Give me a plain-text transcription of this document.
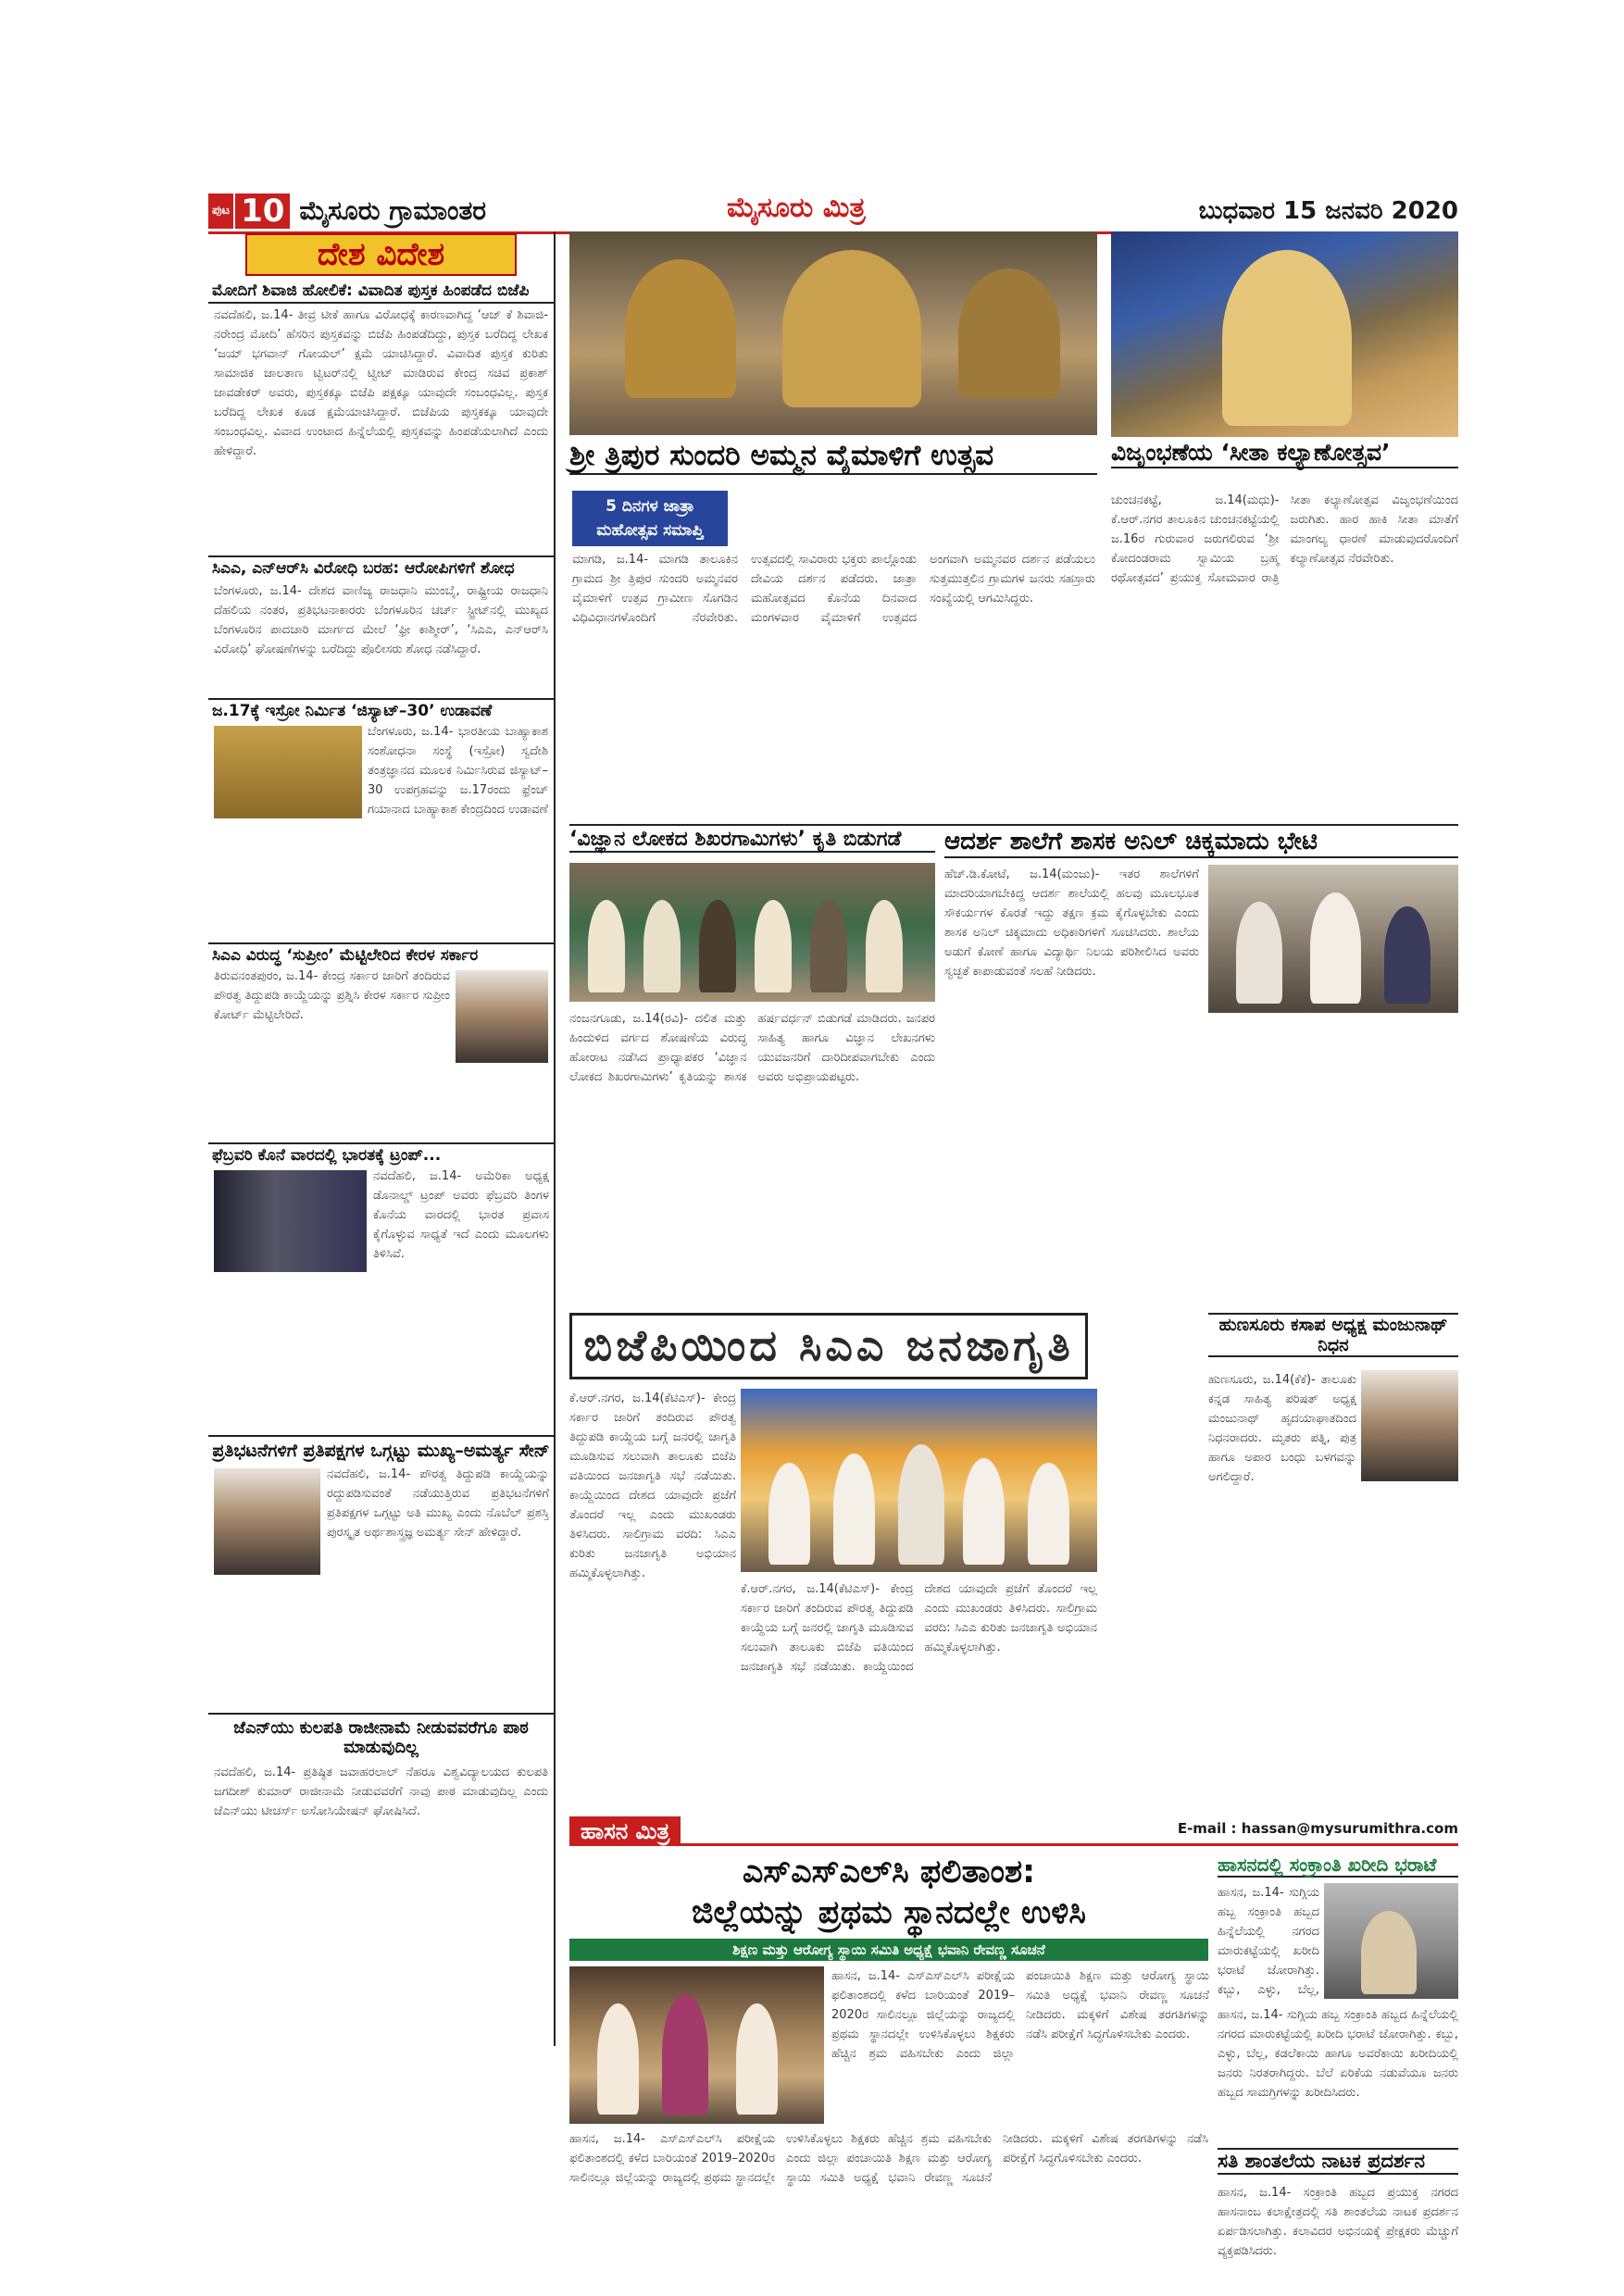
ಪುಟ 10 ಮೈಸೂರು ಗ್ರಾಮಾಂತರ	ಮೈಸೂರು ಮಿತ್ರ	ಬುಧವಾರ 15 ಜನವರಿ 2020
ದೇಶ ವಿದೇಶ
ಮೋದಿಗೆ ಶಿವಾಜಿ ಹೋಲಿಕೆ: ವಿವಾದಿತ ಪುಸ್ತಕ ಹಿಂಪಡೆದ ಬಿಜೆಪಿ
ನವದೆಹಲಿ, ಜ.14- ತೀವ್ರ ಟೀಕೆ ಹಾಗೂ ವಿರೋಧಕ್ಕೆ ಕಾರಣವಾಗಿದ್ದ ‘ಆಜ್ ಕೆ ಶಿವಾಜಿ- ನರೇಂದ್ರ ಮೋದಿ’ ಹೆಸರಿನ ಪುಸ್ತಕವನ್ನು ಬಿಜೆಪಿ ಹಿಂಪಡೆದಿದ್ದು, ಪುಸ್ತಕ ಬರೆದಿದ್ದ ಲೇಖಕ ‘ಜಯ್ ಭಗವಾನ್ ಗೋಯಲ್’ ಕ್ಷಮೆ ಯಾಚಿಸಿದ್ದಾರೆ. ವಿವಾದಿತ ಪುಸ್ತಕ ಕುರಿತು ಸಾಮಾಜಿಕ ಜಾಲತಾಣ ಟ್ವಿಟರ್‌ನಲ್ಲಿ ಟ್ವೀಟ್ ಮಾಡಿರುವ ಕೇಂದ್ರ ಸಚಿವ ಪ್ರಕಾಶ್ ಜಾವಡೇಕರ್ ಅವರು, ಪುಸ್ತಕಕ್ಕೂ ಬಿಜೆಪಿ ಪಕ್ಷಕ್ಕೂ ಯಾವುದೇ ಸಂಬಂಧವಿಲ್ಲ. ಪುಸ್ತಕ ಬರೆದಿದ್ದ ಲೇಖಕ ಕೂಡ ಕ್ಷಮೆಯಾಚಿಸಿದ್ದಾರೆ. ಬಿಜೆಪಿಯ ಪುಸ್ತಕಕ್ಕೂ ಯಾವುದೇ ಸಂಬಂಧವಿಲ್ಲ. ವಿವಾದ ಉಂಟಾದ ಹಿನ್ನೆಲೆಯಲ್ಲಿ ಪುಸ್ತಕವನ್ನು ಹಿಂಪಡೆಯಲಾಗಿದೆ ಎಂದು ಹೇಳಿದ್ದಾರೆ.
ಸಿಎಎ, ಎನ್‌ಆರ್‌ಸಿ ವಿರೋಧಿ ಬರಹ: ಆರೋಪಿಗಳಿಗೆ ಶೋಧ
ಬೆಂಗಳೂರು, ಜ.14- ದೇಶದ ವಾಣಿಜ್ಯ ರಾಜಧಾನಿ ಮುಂಬೈ, ರಾಷ್ಟ್ರೀಯ ರಾಜಧಾನಿ ದೆಹಲಿಯ ನಂತರ, ಪ್ರತಿಭಟನಾಕಾರರು ಬೆಂಗಳೂರಿನ ಚರ್ಚ್ ಸ್ಟ್ರೀಟ್‌ನಲ್ಲಿ ಮುಖ್ಯದ ಬೆಂಗಳೂರಿನ ಪಾದಚಾರಿ ಮಾರ್ಗದ ಮೇಲೆ ‘ಫ್ರೀ ಕಾಶ್ಮೀರ್’, ‘ಸಿಎಎ, ಎನ್‌ಆರ್‌ಸಿ ವಿರೋಧಿ’ ಘೋಷಣೆಗಳನ್ನು ಬರೆದಿದ್ದು ಪೊಲೀಸರು ಶೋಧ ನಡೆಸಿದ್ದಾರೆ.
ಜ.17ಕ್ಕೆ ಇಸ್ರೋ ನಿರ್ಮಿತ ‘ಜಿಸ್ಯಾಟ್–30’ ಉಡಾವಣೆ
ಬೆಂಗಳೂರು, ಜ.14- ಭಾರತೀಯ ಬಾಹ್ಯಾಕಾಶ ಸಂಶೋಧನಾ ಸಂಸ್ಥೆ (ಇಸ್ರೋ) ಸ್ವದೇಶಿ ತಂತ್ರಜ್ಞಾನದ ಮೂಲಕ ನಿರ್ಮಿಸಿರುವ ಜಿಸ್ಯಾಟ್–30 ಉಪಗ್ರಹವನ್ನು ಜ.17ರಂದು ಫ್ರೆಂಚ್ ಗಯಾನಾದ ಬಾಹ್ಯಾಕಾಶ ಕೇಂದ್ರದಿಂದ ಉಡಾವಣೆ
ಸಿಎಎ ವಿರುದ್ಧ ‘ಸುಪ್ರೀಂ’ ಮೆಟ್ಟಿಲೇರಿದ ಕೇರಳ ಸರ್ಕಾರ
ತಿರುವನಂತಪುರಂ, ಜ.14- ಕೇಂದ್ರ ಸರ್ಕಾರ ಜಾರಿಗೆ ತಂದಿರುವ ಪೌರತ್ವ ತಿದ್ದುಪಡಿ ಕಾಯ್ದೆಯನ್ನು ಪ್ರಶ್ನಿಸಿ ಕೇರಳ ಸರ್ಕಾರ ಸುಪ್ರೀಂ ಕೋರ್ಟ್ ಮೆಟ್ಟಿಲೇರಿದೆ.
ಫೆಬ್ರವರಿ ಕೊನೆ ವಾರದಲ್ಲಿ ಭಾರತಕ್ಕೆ ಟ್ರಂಪ್...
ನವದೆಹಲಿ, ಜ.14- ಅಮೆರಿಕಾ ಅಧ್ಯಕ್ಷ ಡೊನಾಲ್ಡ್ ಟ್ರಂಪ್ ಅವರು ಫೆಬ್ರವರಿ ತಿಂಗಳ ಕೊನೆಯ ವಾರದಲ್ಲಿ ಭಾರತ ಪ್ರವಾಸ ಕೈಗೊಳ್ಳುವ ಸಾಧ್ಯತೆ ಇದೆ ಎಂದು ಮೂಲಗಳು ತಿಳಿಸಿವೆ.
ಪ್ರತಿಭಟನೆಗಳಿಗೆ ಪ್ರತಿಪಕ್ಷಗಳ ಒಗ್ಗಟ್ಟು ಮುಖ್ಯ–ಅಮರ್ತ್ಯ ಸೇನ್
ನವದೆಹಲಿ, ಜ.14- ಪೌರತ್ವ ತಿದ್ದುಪಡಿ ಕಾಯ್ದೆಯನ್ನು ರದ್ದುಪಡಿಸುವಂತೆ ನಡೆಯುತ್ತಿರುವ ಪ್ರತಿಭಟನೆಗಳಿಗೆ ಪ್ರತಿಪಕ್ಷಗಳ ಒಗ್ಗಟ್ಟು ಅತಿ ಮುಖ್ಯ ಎಂದು ನೊಬೆಲ್ ಪ್ರಶಸ್ತಿ ಪುರಸ್ಕೃತ ಅರ್ಥಶಾಸ್ತ್ರಜ್ಞ ಅಮರ್ತ್ಯ ಸೇನ್ ಹೇಳಿದ್ದಾರೆ.
ಜೆಎನ್‌ಯು ಕುಲಪತಿ ರಾಜೀನಾಮೆ ನೀಡುವವರೆಗೂ ಪಾಠ ಮಾಡುವುದಿಲ್ಲ
ನವದೆಹಲಿ, ಜ.14- ಪ್ರತಿಷ್ಠಿತ ಜವಾಹರಲಾಲ್ ನೆಹರೂ ವಿಶ್ವವಿದ್ಯಾಲಯದ ಕುಲಪತಿ ಜಗದೀಶ್ ಕುಮಾರ್ ರಾಜೀನಾಮೆ ನೀಡುವವರೆಗೆ ನಾವು ಪಾಠ ಮಾಡುವುದಿಲ್ಲ ಎಂದು ಜೆಎನ್‌ಯು ಟೀಚರ್ಸ್ ಅಸೋಸಿಯೇಷನ್ ಘೋಷಿಸಿದೆ.
ಶ್ರೀ ತ್ರಿಪುರ ಸುಂದರಿ ಅಮ್ಮನ ವೈಮಾಳಿಗೆ ಉತ್ಸವ	ವಿಜೃಂಭಣೆಯ ‘ಸೀತಾ ಕಲ್ಯಾಣೋತ್ಸವ’
5 ದಿನಗಳ ಜಾತ್ರಾ ಮಹೋತ್ಸವ ಸಮಾಪ್ತಿ
ಮಾಗಡಿ, ಜ.14- ಮಾಗಡಿ ತಾಲೂಕಿನ ಗ್ರಾಮದ ಶ್ರೀ ತ್ರಿಪುರ ಸುಂದರಿ ಅಮ್ಮನವರ ವೈಮಾಳಿಗೆ ಉತ್ಸವ ಗ್ರಾಮೀಣ ಸೊಗಡಿನ ವಿಧಿವಿಧಾನಗಳೊಂದಿಗೆ ನೆರವೇರಿತು. ಉತ್ಸವದಲ್ಲಿ ಸಾವಿರಾರು ಭಕ್ತರು ಪಾಲ್ಗೊಂಡು ದೇವಿಯ ದರ್ಶನ ಪಡೆದರು. ಜಾತ್ರಾ ಮಹೋತ್ಸವದ ಕೊನೆಯ ದಿನವಾದ ಮಂಗಳವಾರ ವೈಮಾಳಿಗೆ ಉತ್ಸವದ ಅಂಗವಾಗಿ ಅಮ್ಮನವರ ದರ್ಶನ ಪಡೆಯಲು ಸುತ್ತಮುತ್ತಲಿನ ಗ್ರಾಮಗಳ ಜನರು ಸಹಸ್ರಾರು ಸಂಖ್ಯೆಯಲ್ಲಿ ಆಗಮಿಸಿದ್ದರು.
ಚುಂಚನಕಟ್ಟೆ, ಜ.14(ಮಧು)- ಕೆ.ಆರ್.ನಗರ ತಾಲೂಕಿನ ಚುಂಚನಕಟ್ಟೆಯಲ್ಲಿ ಜ.16ರ ಗುರುವಾರ ಜರುಗಲಿರುವ ‘ಶ್ರೀ ಕೋದಂಡರಾಮ ಸ್ವಾಮಿಯ ಬ್ರಹ್ಮ ರಥೋತ್ಸವದ’ ಪ್ರಯುಕ್ತ ಸೋಮವಾರ ರಾತ್ರಿ ಸೀತಾ ಕಲ್ಯಾಣೋತ್ಸವ ವಿಜೃಂಭಣೆಯಿಂದ ಜರುಗಿತು. ಹಾರ ಹಾಕಿ ಸೀತಾ ಮಾತೆಗೆ ಮಾಂಗಲ್ಯ ಧಾರಣೆ ಮಾಡುವುದರೊಂದಿಗೆ ಕಲ್ಯಾಣೋತ್ಸವ ನೆರವೇರಿತು.
‘ವಿಜ್ಞಾನ ಲೋಕದ ಶಿಖರಗಾಮಿಗಳು’ ಕೃತಿ ಬಿಡುಗಡೆ
ನಂಜನಗೂಡು, ಜ.14(ರವಿ)- ದಲಿತ ಮತ್ತು ಹಿಂದುಳಿದ ವರ್ಗದ ಶೋಷಣೆಯ ವಿರುದ್ಧ ಹೋರಾಟ ನಡೆಸಿದ ಪ್ರಾಧ್ಯಾಪಕರ ‘ವಿಜ್ಞಾನ ಲೋಕದ ಶಿಖರಗಾಮಿಗಳು’ ಕೃತಿಯನ್ನು ಶಾಸಕ ಹರ್ಷವರ್ಧನ್ ಬಿಡುಗಡೆ ಮಾಡಿದರು. ಜನಪರ ಸಾಹಿತ್ಯ ಹಾಗೂ ವಿಜ್ಞಾನ ಲೇಖನಗಳು ಯುವಜನರಿಗೆ ದಾರಿದೀಪವಾಗಬೇಕು ಎಂದು ಅವರು ಅಭಿಪ್ರಾಯಪಟ್ಟರು.
ಆದರ್ಶ ಶಾಲೆಗೆ ಶಾಸಕ ಅನಿಲ್ ಚಿಕ್ಕಮಾದು ಭೇಟಿ
ಹೆಚ್.ಡಿ.ಕೋಟೆ, ಜ.14(ಮಂಜು)- ಇತರ ಶಾಲೆಗಳಿಗೆ ಮಾದರಿಯಾಗಬೇಕಿದ್ದ ಆದರ್ಶ ಶಾಲೆಯಲ್ಲಿ ಹಲವು ಮೂಲಭೂತ ಸೌಕರ್ಯಗಳ ಕೊರತೆ ಇದ್ದು ತಕ್ಷಣ ಕ್ರಮ ಕೈಗೊಳ್ಳಬೇಕು ಎಂದು ಶಾಸಕ ಅನಿಲ್ ಚಿಕ್ಕಮಾದು ಅಧಿಕಾರಿಗಳಿಗೆ ಸೂಚಿಸಿದರು. ಶಾಲೆಯ ಅಡುಗೆ ಕೋಣೆ ಹಾಗೂ ವಿದ್ಯಾರ್ಥಿ ನಿಲಯ ಪರಿಶೀಲಿಸಿದ ಅವರು ಸ್ವಚ್ಛತೆ ಕಾಪಾಡುವಂತೆ ಸಲಹೆ ನೀಡಿದರು.
ಬಿಜೆಪಿಯಿಂದ ಸಿಎಎ ಜನಜಾಗೃತಿ
ಕೆ.ಆರ್.ನಗರ, ಜ.14(ಕೆಟಿಎಸ್)- ಕೇಂದ್ರ ಸರ್ಕಾರ ಜಾರಿಗೆ ತಂದಿರುವ ಪೌರತ್ವ ತಿದ್ದುಪಡಿ ಕಾಯ್ದೆಯ ಬಗ್ಗೆ ಜನರಲ್ಲಿ ಜಾಗೃತಿ ಮೂಡಿಸುವ ಸಲುವಾಗಿ ತಾಲೂಕು ಬಿಜೆಪಿ ವತಿಯಿಂದ ಜನಜಾಗೃತಿ ಸಭೆ ನಡೆಯಿತು. ಕಾಯ್ದೆಯಿಂದ ದೇಶದ ಯಾವುದೇ ಪ್ರಜೆಗೆ ತೊಂದರೆ ಇಲ್ಲ ಎಂದು ಮುಖಂಡರು ತಿಳಿಸಿದರು. ಸಾಲಿಗ್ರಾಮ ವರದಿ: ಸಿಎಎ ಕುರಿತು ಜನಜಾಗೃತಿ ಅಭಿಯಾನ ಹಮ್ಮಿಕೊಳ್ಳಲಾಗಿತ್ತು.
ಕೆ.ಆರ್.ನಗರ, ಜ.14(ಕೆಟಿಎಸ್)- ಕೇಂದ್ರ ಸರ್ಕಾರ ಜಾರಿಗೆ ತಂದಿರುವ ಪೌರತ್ವ ತಿದ್ದುಪಡಿ ಕಾಯ್ದೆಯ ಬಗ್ಗೆ ಜನರಲ್ಲಿ ಜಾಗೃತಿ ಮೂಡಿಸುವ ಸಲುವಾಗಿ ತಾಲೂಕು ಬಿಜೆಪಿ ವತಿಯಿಂದ ಜನಜಾಗೃತಿ ಸಭೆ ನಡೆಯಿತು. ಕಾಯ್ದೆಯಿಂದ ದೇಶದ ಯಾವುದೇ ಪ್ರಜೆಗೆ ತೊಂದರೆ ಇಲ್ಲ ಎಂದು ಮುಖಂಡರು ತಿಳಿಸಿದರು. ಸಾಲಿಗ್ರಾಮ ವರದಿ: ಸಿಎಎ ಕುರಿತು ಜನಜಾಗೃತಿ ಅಭಿಯಾನ ಹಮ್ಮಿಕೊಳ್ಳಲಾಗಿತ್ತು.
ಹುಣಸೂರು ಕಸಾಪ ಅಧ್ಯಕ್ಷ ಮಂಜುನಾಥ್ ನಿಧನ
ಹುಣಸೂರು, ಜ.14(ಕೆಕೆ)- ತಾಲೂಕು ಕನ್ನಡ ಸಾಹಿತ್ಯ ಪರಿಷತ್ ಅಧ್ಯಕ್ಷ ಮಂಜುನಾಥ್ ಹೃದಯಾಘಾತದಿಂದ ನಿಧನರಾದರು. ಮೃತರು ಪತ್ನಿ, ಪುತ್ರ ಹಾಗೂ ಅಪಾರ ಬಂಧು ಬಳಗವನ್ನು ಅಗಲಿದ್ದಾರೆ.
ಹಾಸನ ಮಿತ್ರ	E-mail : hassan@mysurumithra.com
ಎಸ್‌ಎಸ್‌ಎಲ್‌ಸಿ ಫಲಿತಾಂಶ:
ಜಿಲ್ಲೆಯನ್ನು ಪ್ರಥಮ ಸ್ಥಾನದಲ್ಲೇ ಉಳಿಸಿ
ಶಿಕ್ಷಣ ಮತ್ತು ಆರೋಗ್ಯ ಸ್ಥಾಯಿ ಸಮಿತಿ ಅಧ್ಯಕ್ಷೆ ಭವಾನಿ ರೇವಣ್ಣ ಸೂಚನೆ
ಹಾಸನ, ಜ.14- ಎಸ್‌ಎಸ್‌ಎಲ್‌ಸಿ ಪರೀಕ್ಷೆಯ ಫಲಿತಾಂಶದಲ್ಲಿ ಕಳೆದ ಬಾರಿಯಂತೆ 2019–2020ರ ಸಾಲಿನಲ್ಲೂ ಜಿಲ್ಲೆಯನ್ನು ರಾಜ್ಯದಲ್ಲಿ ಪ್ರಥಮ ಸ್ಥಾನದಲ್ಲೇ ಉಳಿಸಿಕೊಳ್ಳಲು ಶಿಕ್ಷಕರು ಹೆಚ್ಚಿನ ಶ್ರಮ ವಹಿಸಬೇಕು ಎಂದು ಜಿಲ್ಲಾ ಪಂಚಾಯಿತಿ ಶಿಕ್ಷಣ ಮತ್ತು ಆರೋಗ್ಯ ಸ್ಥಾಯಿ ಸಮಿತಿ ಅಧ್ಯಕ್ಷೆ ಭವಾನಿ ರೇವಣ್ಣ ಸೂಚನೆ ನೀಡಿದರು. ಮಕ್ಕಳಿಗೆ ವಿಶೇಷ ತರಗತಿಗಳನ್ನು ನಡೆಸಿ ಪರೀಕ್ಷೆಗೆ ಸಿದ್ಧಗೊಳಿಸಬೇಕು ಎಂದರು.
ಹಾಸನ, ಜ.14- ಎಸ್‌ಎಸ್‌ಎಲ್‌ಸಿ ಪರೀಕ್ಷೆಯ ಫಲಿತಾಂಶದಲ್ಲಿ ಕಳೆದ ಬಾರಿಯಂತೆ 2019–2020ರ ಸಾಲಿನಲ್ಲೂ ಜಿಲ್ಲೆಯನ್ನು ರಾಜ್ಯದಲ್ಲಿ ಪ್ರಥಮ ಸ್ಥಾನದಲ್ಲೇ ಉಳಿಸಿಕೊಳ್ಳಲು ಶಿಕ್ಷಕರು ಹೆಚ್ಚಿನ ಶ್ರಮ ವಹಿಸಬೇಕು ಎಂದು ಜಿಲ್ಲಾ ಪಂಚಾಯಿತಿ ಶಿಕ್ಷಣ ಮತ್ತು ಆರೋಗ್ಯ ಸ್ಥಾಯಿ ಸಮಿತಿ ಅಧ್ಯಕ್ಷೆ ಭವಾನಿ ರೇವಣ್ಣ ಸೂಚನೆ ನೀಡಿದರು. ಮಕ್ಕಳಿಗೆ ವಿಶೇಷ ತರಗತಿಗಳನ್ನು ನಡೆಸಿ ಪರೀಕ್ಷೆಗೆ ಸಿದ್ಧಗೊಳಿಸಬೇಕು ಎಂದರು.
ಹಾಸನದಲ್ಲಿ ಸಂಕ್ರಾಂತಿ ಖರೀದಿ ಭರಾಟೆ
ಹಾಸನ, ಜ.14- ಸುಗ್ಗಿಯ ಹಬ್ಬ ಸಂಕ್ರಾಂತಿ ಹಬ್ಬದ ಹಿನ್ನೆಲೆಯಲ್ಲಿ ನಗರದ ಮಾರುಕಟ್ಟೆಯಲ್ಲಿ ಖರೀದಿ ಭರಾಟೆ ಜೋರಾಗಿತ್ತು. ಕಬ್ಬು, ಎಳ್ಳು, ಬೆಲ್ಲ,
ಹಾಸನ, ಜ.14- ಸುಗ್ಗಿಯ ಹಬ್ಬ ಸಂಕ್ರಾಂತಿ ಹಬ್ಬದ ಹಿನ್ನೆಲೆಯಲ್ಲಿ ನಗರದ ಮಾರುಕಟ್ಟೆಯಲ್ಲಿ ಖರೀದಿ ಭರಾಟೆ ಜೋರಾಗಿತ್ತು. ಕಬ್ಬು, ಎಳ್ಳು, ಬೆಲ್ಲ, ಕಡಲೆಕಾಯಿ ಹಾಗೂ ಅವರೆಕಾಯಿ ಖರೀದಿಯಲ್ಲಿ ಜನರು ನಿರತರಾಗಿದ್ದರು. ಬೆಲೆ ಏರಿಕೆಯ ನಡುವೆಯೂ ಜನರು ಹಬ್ಬದ ಸಾಮಗ್ರಿಗಳನ್ನು ಖರೀದಿಸಿದರು.
ಸತಿ ಶಾಂತಲೆಯ ನಾಟಕ ಪ್ರದರ್ಶನ
ಹಾಸನ, ಜ.14- ಸಂಕ್ರಾಂತಿ ಹಬ್ಬದ ಪ್ರಯುಕ್ತ ನಗರದ ಹಾಸನಾಂಬ ಕಲಾಕ್ಷೇತ್ರದಲ್ಲಿ ಸತಿ ಶಾಂತಲೆಯ ನಾಟಕ ಪ್ರದರ್ಶನ ಏರ್ಪಡಿಸಲಾಗಿತ್ತು. ಕಲಾವಿದರ ಅಭಿನಯಕ್ಕೆ ಪ್ರೇಕ್ಷಕರು ಮೆಚ್ಚುಗೆ ವ್ಯಕ್ತಪಡಿಸಿದರು.
